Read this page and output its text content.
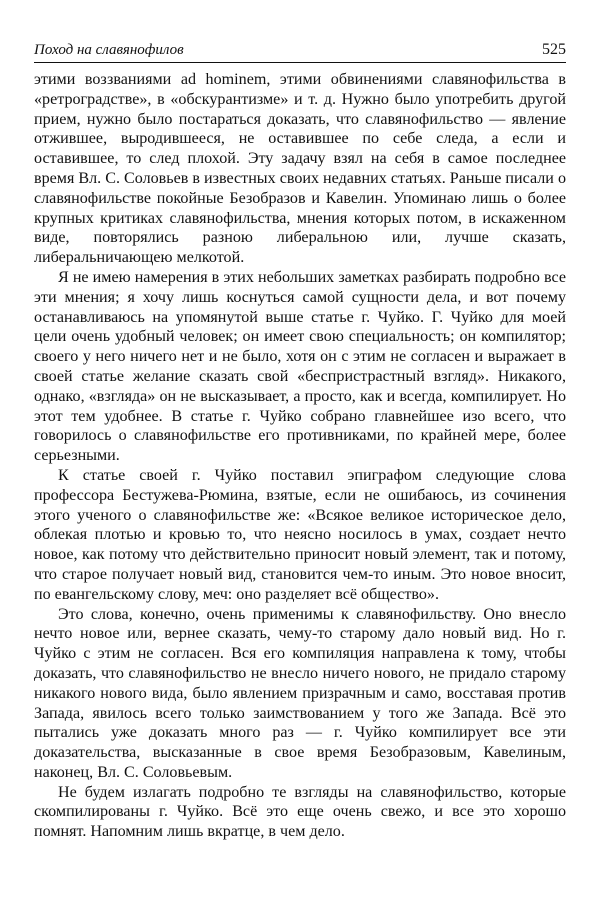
Поход на славянофилов	525

этими воззваниями ad hominem, этими обвинениями славянофильства в «ретроградстве», в «обскурантизме» и т. д. Нужно было употребить другой прием, нужно было постараться доказать, что славянофильство — явление отжившее, выродившееся, не оставившее по себе следа, а если и оставившее, то след плохой. Эту задачу взял на себя в самое последнее время Вл. С. Соловьев в известных своих недавних статьях. Раньше писали о славянофильстве покойные Безобразов и Кавелин. Упоминаю лишь о более крупных критиках славянофильства, мнения которых потом, в искаженном виде, повторялись разною либеральною или, лучше сказать, либеральничающею мелкотой.

Я не имею намерения в этих небольших заметках разбирать подробно все эти мнения; я хочу лишь коснуться самой сущности дела, и вот почему останавливаюсь на упомянутой выше статье г. Чуйко. Г. Чуйко для моей цели очень удобный человек; он имеет свою специальность; он компилятор; своего у него ничего нет и не было, хотя он с этим не согласен и выражает в своей статье желание сказать свой «беспристрастный взгляд». Никакого, однако, «взгляда» он не высказывает, а просто, как и всегда, компилирует. Но этот тем удобнее. В статье г. Чуйко собрано главнейшее изо всего, что говорилось о славянофильстве его противниками, по крайней мере, более серьезными.

К статье своей г. Чуйко поставил эпиграфом следующие слова профессора Бестужева-Рюмина, взятые, если не ошибаюсь, из сочинения этого ученого о славянофильстве же: «Всякое великое историческое дело, облекая плотью и кровью то, что неясно носилось в умах, создает нечто новое, как потому что действительно приносит новый элемент, так и потому, что старое получает новый вид, становится чем-то иным. Это новое вносит, по евангельскому слову, меч: оно разделяет всё общество».

Это слова, конечно, очень применимы к славянофильству. Оно внесло нечто новое или, вернее сказать, чему-то старому дало новый вид. Но г. Чуйко с этим не согласен. Вся его компиляция направлена к тому, чтобы доказать, что славянофильство не внесло ничего нового, не придало старому никакого нового вида, было явлением призрачным и само, восставая против Запада, явилось всего только заимствованием у того же Запада. Всё это пытались уже доказать много раз — г. Чуйко компилирует все эти доказательства, высказанные в свое время Безобразовым, Кавелиным, наконец, Вл. С. Соловьевым.

Не будем излагать подробно те взгляды на славянофильство, которые скомпилированы г. Чуйко. Всё это еще очень свежо, и все это хорошо помнят. Напомним лишь вкратце, в чем дело.
